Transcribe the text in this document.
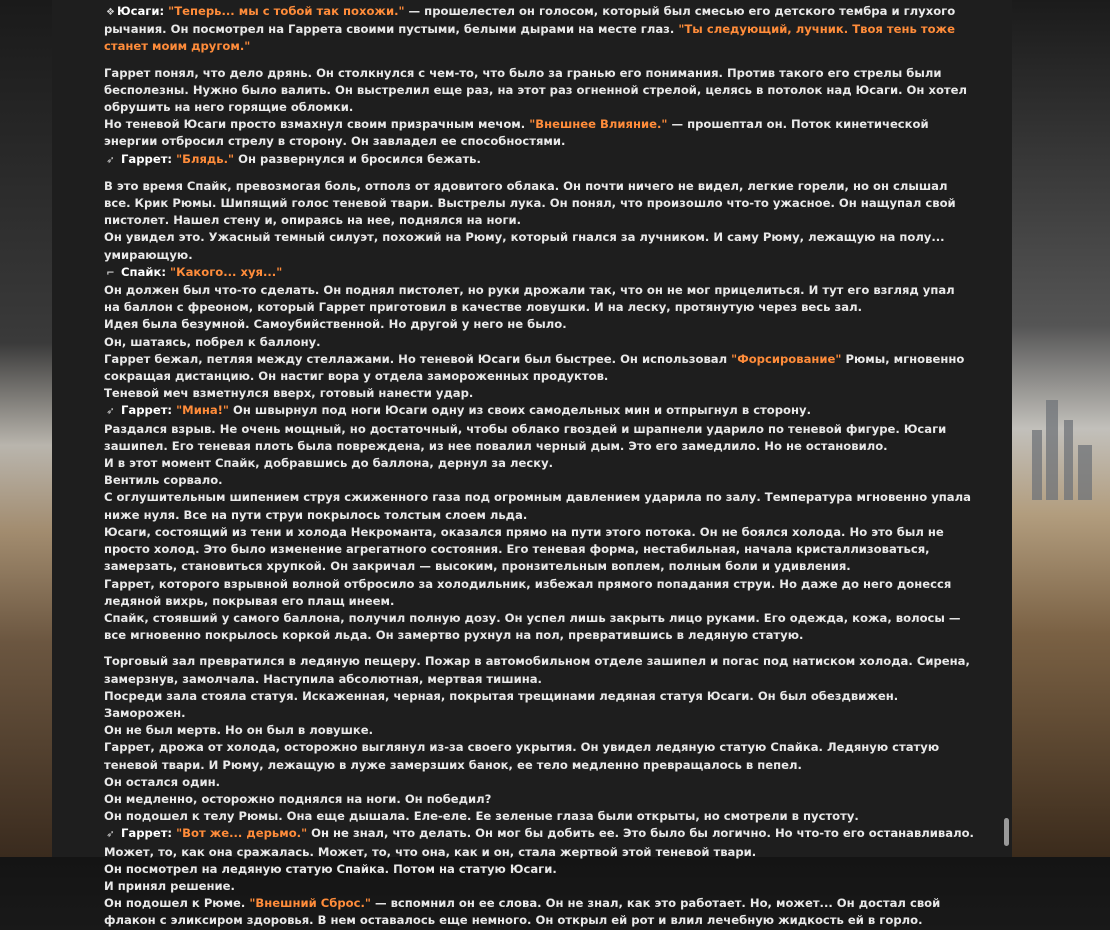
❖ Юсаги: "Теперь... мы с тобой так похожи." — прошелестел он голосом, который был смесью его детского тембра и глухого рычания. Он посмотрел на Гаррета своими пустыми, белыми дырами на месте глаз. "Ты следующий, лучник. Твоя тень тоже станет моим другом."

Гаррет понял, что дело дрянь. Он столкнулся с чем-то, что было за гранью его понимания. Против такого его стрелы были бесполезны. Нужно было валить. Он выстрелил еще раз, на этот раз огненной стрелой, целясь в потолок над Юсаги. Он хотел обрушить на него горящие обломки.

Но теневой Юсаги просто взмахнул своим призрачным мечом. "Внешнее Влияние." — прошептал он. Поток кинетической энергии отбросил стрелу в сторону. Он завладел ее способностями.

➶ Гаррет: "Блядь." Он развернулся и бросился бежать.

В это время Спайк, превозмогая боль, отполз от ядовитого облака. Он почти ничего не видел, легкие горели, но он слышал все. Крик Рюмы. Шипящий голос теневой твари. Выстрелы лука. Он понял, что произошло что-то ужасное. Он нащупал свой пистолет. Нашел стену и, опираясь на нее, поднялся на ноги.

Он увидел это. Ужасный темный силуэт, похожий на Рюму, который гнался за лучником. И саму Рюму, лежащую на полу... умирающую.

⌐ Спайк: "Какого... хуя..."

Он должен был что-то сделать. Он поднял пистолет, но руки дрожали так, что он не мог прицелиться. И тут его взгляд упал на баллон с фреоном, который Гаррет приготовил в качестве ловушки. И на леску, протянутую через весь зал.

Идея была безумной. Самоубийственной. Но другой у него не было.

Он, шатаясь, побрел к баллону.

Гаррет бежал, петляя между стеллажами. Но теневой Юсаги был быстрее. Он использовал "Форсирование" Рюмы, мгновенно сокращая дистанцию. Он настиг вора у отдела замороженных продуктов.

Теневой меч взметнулся вверх, готовый нанести удар.

➶ Гаррет: "Мина!" Он швырнул под ноги Юсаги одну из своих самодельных мин и отпрыгнул в сторону.

Раздался взрыв. Не очень мощный, но достаточный, чтобы облако гвоздей и шрапнели ударило по теневой фигуре. Юсаги зашипел. Его теневая плоть была повреждена, из нее повалил черный дым. Это его замедлило. Но не остановило.

И в этот момент Спайк, добравшись до баллона, дернул за леску.

Вентиль сорвало.

С оглушительным шипением струя сжиженного газа под огромным давлением ударила по залу. Температура мгновенно упала ниже нуля. Все на пути струи покрылось толстым слоем льда.

Юсаги, состоящий из тени и холода Некроманта, оказался прямо на пути этого потока. Он не боялся холода. Но это был не просто холод. Это было изменение агрегатного состояния. Его теневая форма, нестабильная, начала кристаллизоваться, замерзать, становиться хрупкой. Он закричал — высоким, пронзительным воплем, полным боли и удивления.

Гаррет, которого взрывной волной отбросило за холодильник, избежал прямого попадания струи. Но даже до него донесся ледяной вихрь, покрывая его плащ инеем.

Спайк, стоявший у самого баллона, получил полную дозу. Он успел лишь закрыть лицо руками. Его одежда, кожа, волосы — все мгновенно покрылось коркой льда. Он замертво рухнул на пол, превратившись в ледяную статую.

Торговый зал превратился в ледяную пещеру. Пожар в автомобильном отделе зашипел и погас под натиском холода. Сирена, замерзнув, замолчала. Наступила абсолютная, мертвая тишина.

Посреди зала стояла статуя. Искаженная, черная, покрытая трещинами ледяная статуя Юсаги. Он был обездвижен. Заморожен.

Он не был мертв. Но он был в ловушке.

Гаррет, дрожа от холода, осторожно выглянул из-за своего укрытия. Он увидел ледяную статую Спайка. Ледяную статую теневой твари. И Рюму, лежащую в луже замерзших банок, ее тело медленно превращалось в пепел.

Он остался один.

Он медленно, осторожно поднялся на ноги. Он победил?

Он подошел к телу Рюмы. Она еще дышала. Еле-еле. Ее зеленые глаза были открыты, но смотрели в пустоту.

➶ Гаррет: "Вот же... дерьмо." Он не знал, что делать. Он мог бы добить ее. Это было бы логично. Но что-то его останавливало. Может, то, как она сражалась. Может, то, что она, как и он, стала жертвой этой теневой твари.

Он посмотрел на ледяную статую Спайка. Потом на статую Юсаги.

И принял решение.

Он подошел к Рюме. "Внешний Сброс." — вспомнил он ее слова. Он не знал, как это работает. Но, может... Он достал свой флакон с эликсиром здоровья. В нем оставалось еще немного. Он открыл ей рот и влил лечебную жидкость ей в горло.
